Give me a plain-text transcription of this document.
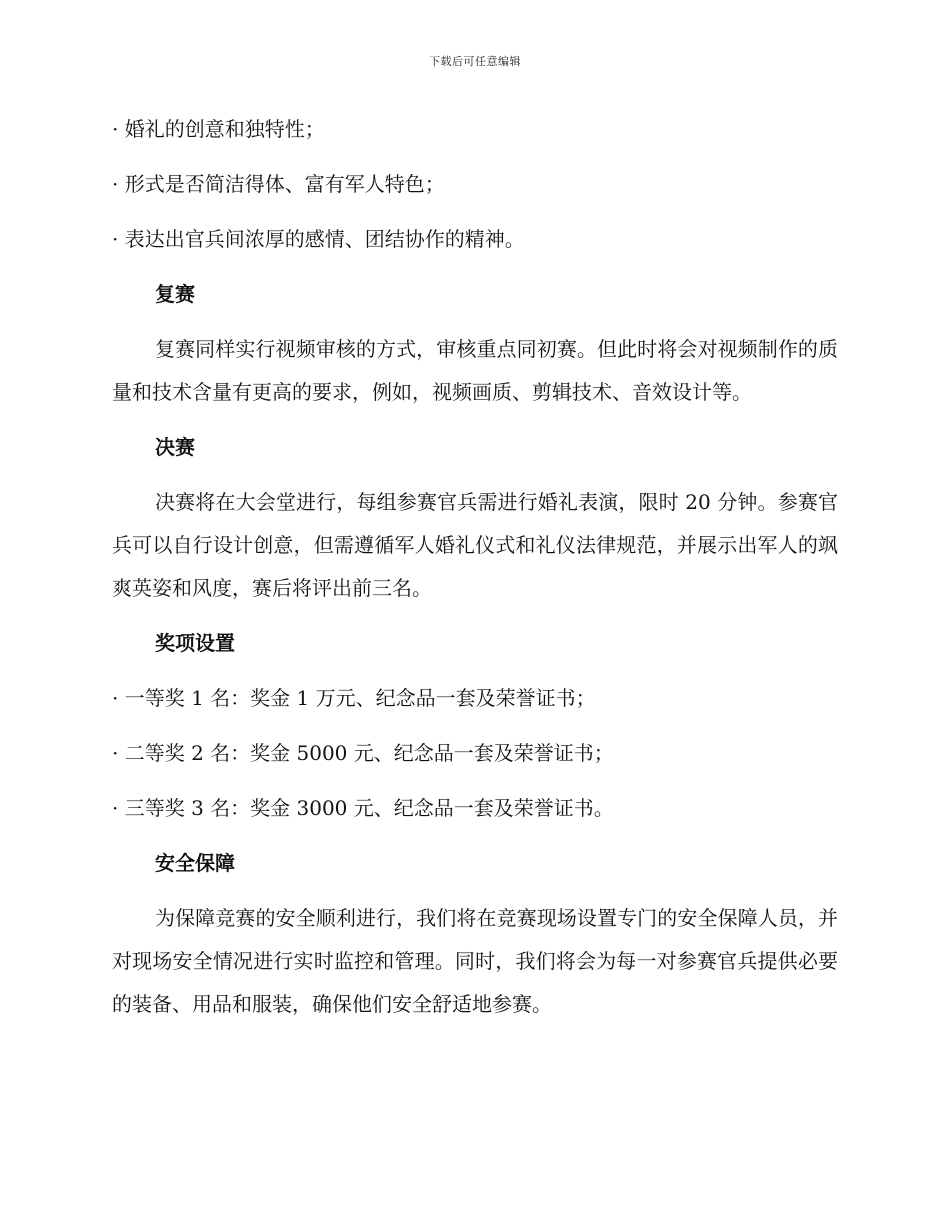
下载后可任意编辑
· 婚礼的创意和独特性；
· 形式是否简洁得体、富有军人特色；
· 表达出官兵间浓厚的感情、团结协作的精神。
复赛
复赛同样实行视频审核的方式，审核重点同初赛。但此时将会对视频制作的质量和技术含量有更高的要求，例如，视频画质、剪辑技术、音效设计等。
决赛
决赛将在大会堂进行，每组参赛官兵需进行婚礼表演，限时 20 分钟。参赛官兵可以自行设计创意，但需遵循军人婚礼仪式和礼仪法律规范，并展示出军人的飒爽英姿和风度，赛后将评出前三名。
奖项设置
· 一等奖 1 名：奖金 1 万元、纪念品一套及荣誉证书；
· 二等奖 2 名：奖金 5000 元、纪念品一套及荣誉证书；
· 三等奖 3 名：奖金 3000 元、纪念品一套及荣誉证书。
安全保障
为保障竞赛的安全顺利进行，我们将在竞赛现场设置专门的安全保障人员，并对现场安全情况进行实时监控和管理。同时，我们将会为每一对参赛官兵提供必要的装备、用品和服装，确保他们安全舒适地参赛。
